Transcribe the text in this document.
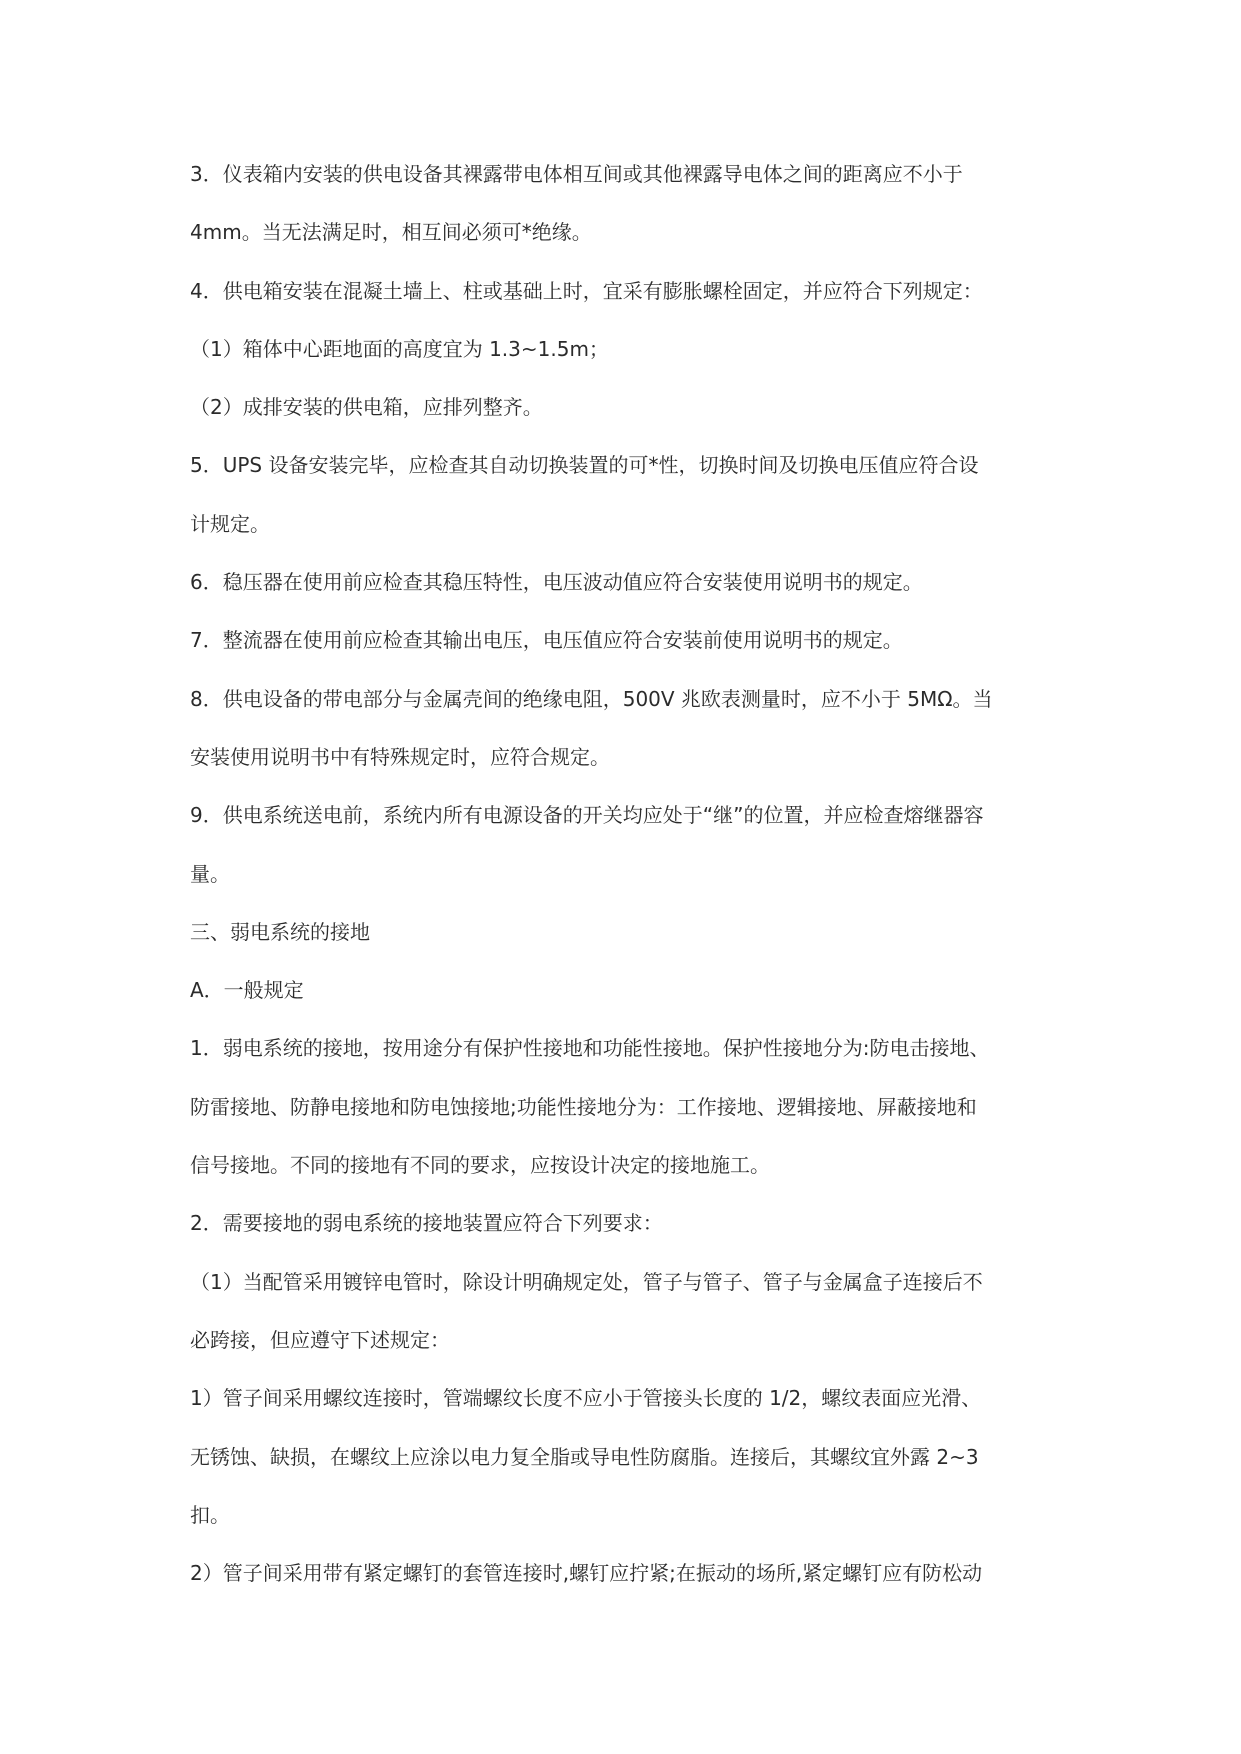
3．仪表箱内安装的供电设备其裸露带电体相互间或其他裸露导电体之间的距离应不小于
4mm。当无法满足时，相互间必须可*绝缘。
4．供电箱安装在混凝土墙上、柱或基础上时，宜采有膨胀螺栓固定，并应符合下列规定：
（1）箱体中心距地面的高度宜为 1.3~1.5m；
（2）成排安装的供电箱，应排列整齐。
5．UPS 设备安装完毕，应检查其自动切换装置的可*性，切换时间及切换电压值应符合设
计规定。
6．稳压器在使用前应检查其稳压特性，电压波动值应符合安装使用说明书的规定。
7．整流器在使用前应检查其输出电压，电压值应符合安装前使用说明书的规定。
8．供电设备的带电部分与金属壳间的绝缘电阻，500V 兆欧表测量时，应不小于 5MΩ。当
安装使用说明书中有特殊规定时，应符合规定。
9．供电系统送电前，系统内所有电源设备的开关均应处于“继”的位置，并应检查熔继器容
量。
三、弱电系统的接地
A．一般规定
1．弱电系统的接地，按用途分有保护性接地和功能性接地。保护性接地分为:防电击接地、
防雷接地、防静电接地和防电蚀接地;功能性接地分为：工作接地、逻辑接地、屏蔽接地和
信号接地。不同的接地有不同的要求，应按设计决定的接地施工。
2．需要接地的弱电系统的接地装置应符合下列要求：
（1）当配管采用镀锌电管时，除设计明确规定处，管子与管子、管子与金属盒子连接后不
必跨接，但应遵守下述规定：
1）管子间采用螺纹连接时，管端螺纹长度不应小于管接头长度的 1/2，螺纹表面应光滑、
无锈蚀、缺损，在螺纹上应涂以电力复全脂或导电性防腐脂。连接后，其螺纹宜外露 2~3
扣。
2）管子间采用带有紧定螺钉的套管连接时,螺钉应拧紧;在振动的场所,紧定螺钉应有防松动
